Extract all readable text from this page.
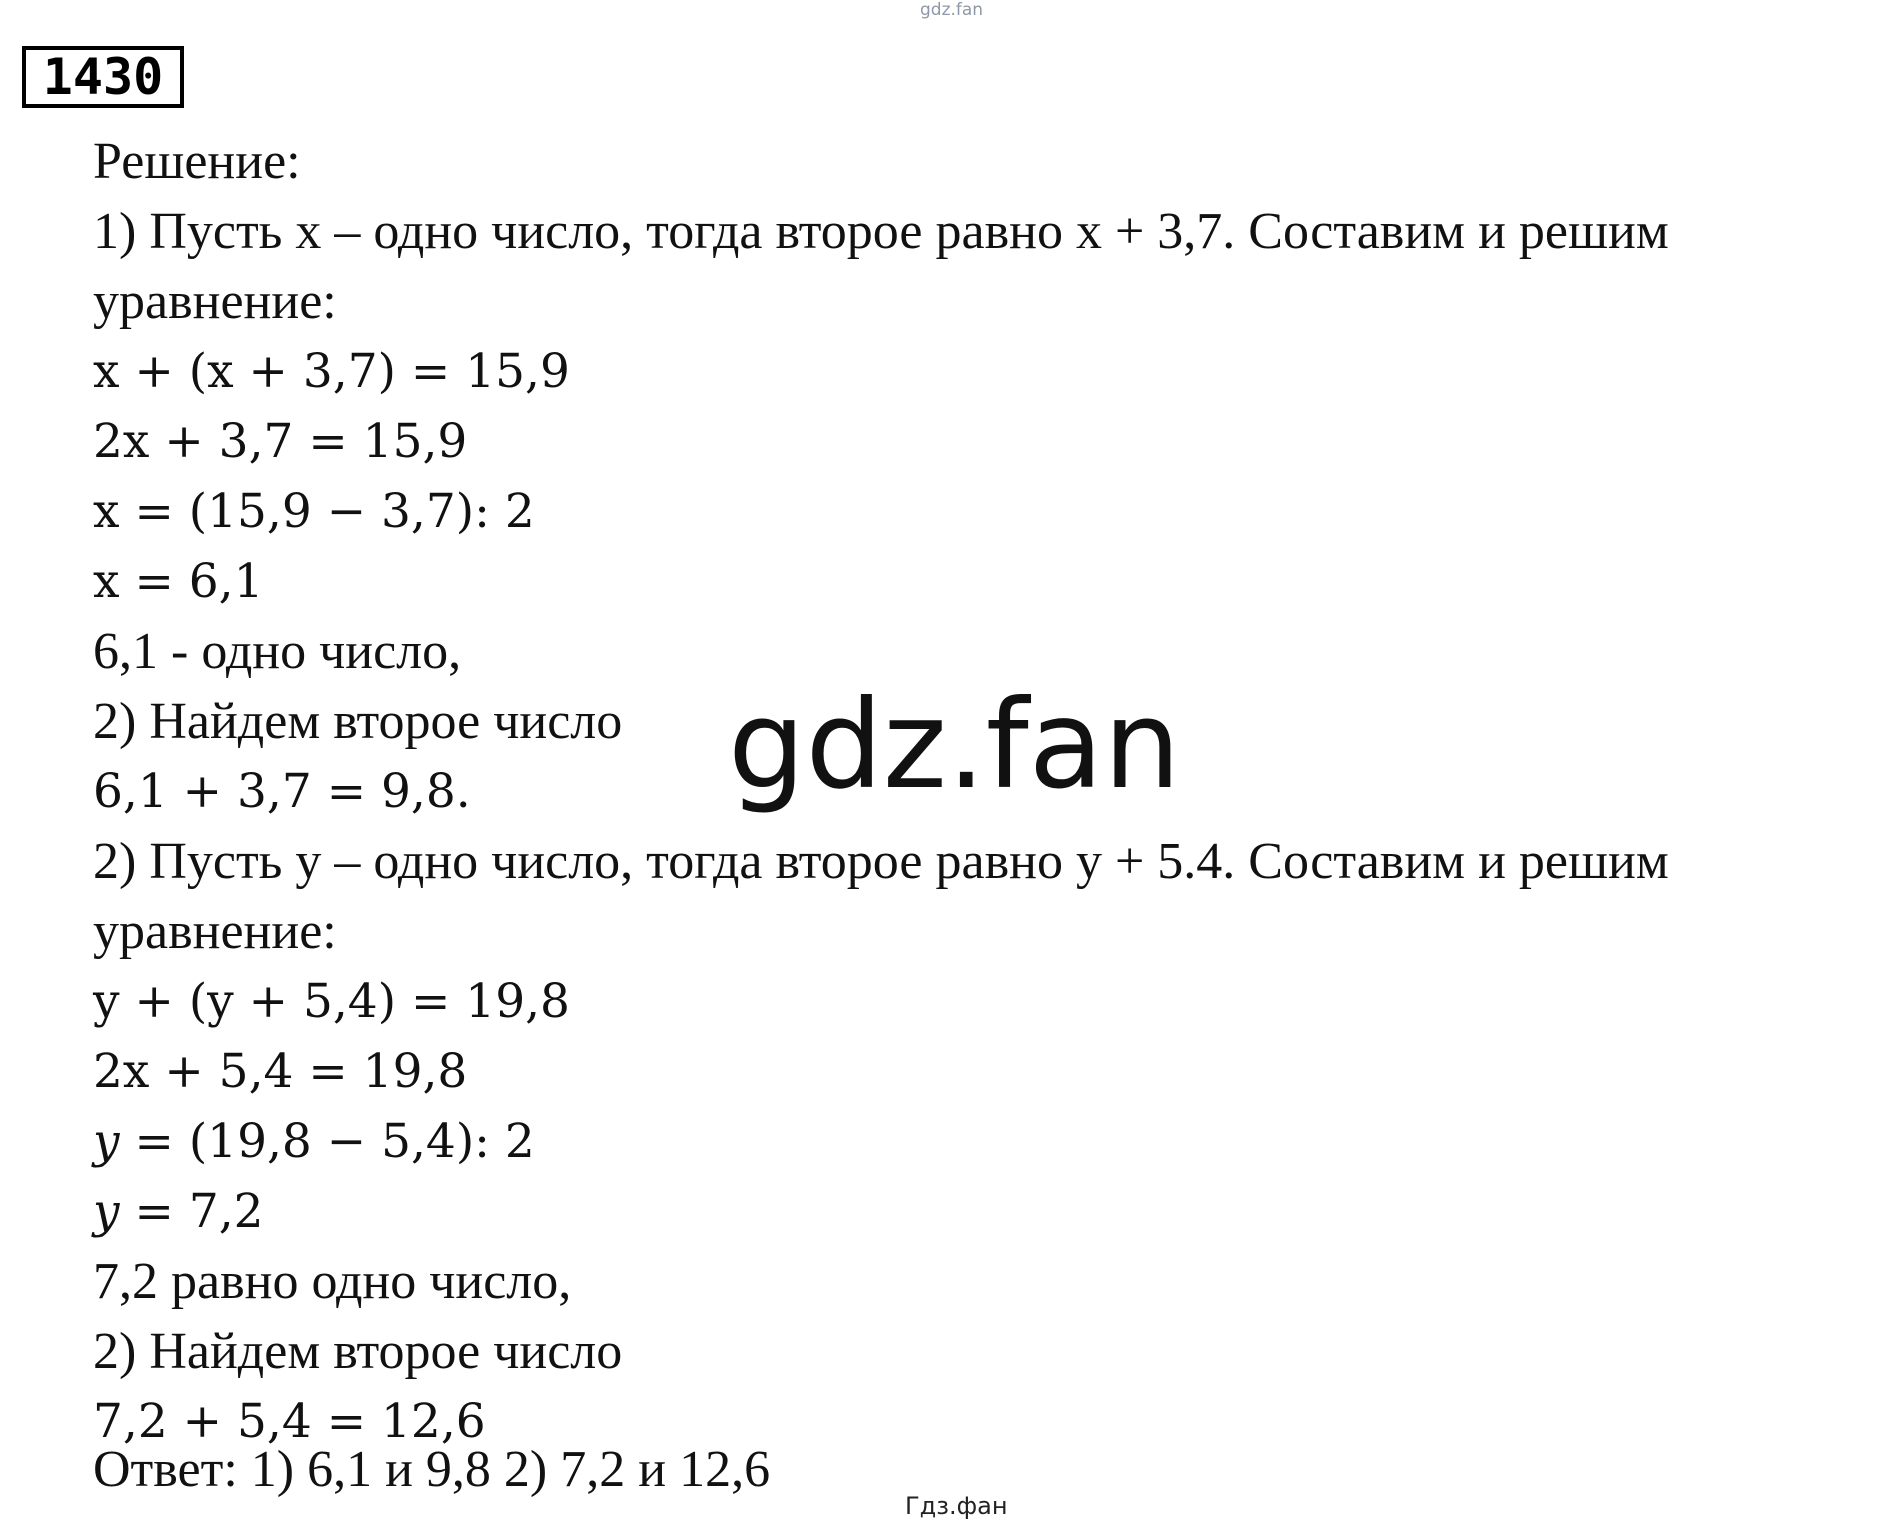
gdz.fan
1430
Решение:
1) Пусть x – одно число, тогда второе равно x + 3,7. Составим и решим
уравнение:
x + (x + 3,7) = 15,9
2x + 3,7 = 15,9
x = (15,9 − 3,7): 2
x = 6,1
6,1 - одно число,
2) Найдем второе число
6,1 + 3,7 = 9,8.
2) Пусть y – одно число, тогда второе равно y + 5.4. Составим и решим
уравнение:
y + (y + 5,4) = 19,8
2x + 5,4 = 19,8
y = (19,8 − 5,4): 2
y = 7,2
7,2 равно одно число,
2) Найдем второе число
7,2 + 5,4 = 12,6
Ответ: 1) 6,1 и 9,8 2) 7,2 и 12,6
gdz.fan
Гдз.фан
